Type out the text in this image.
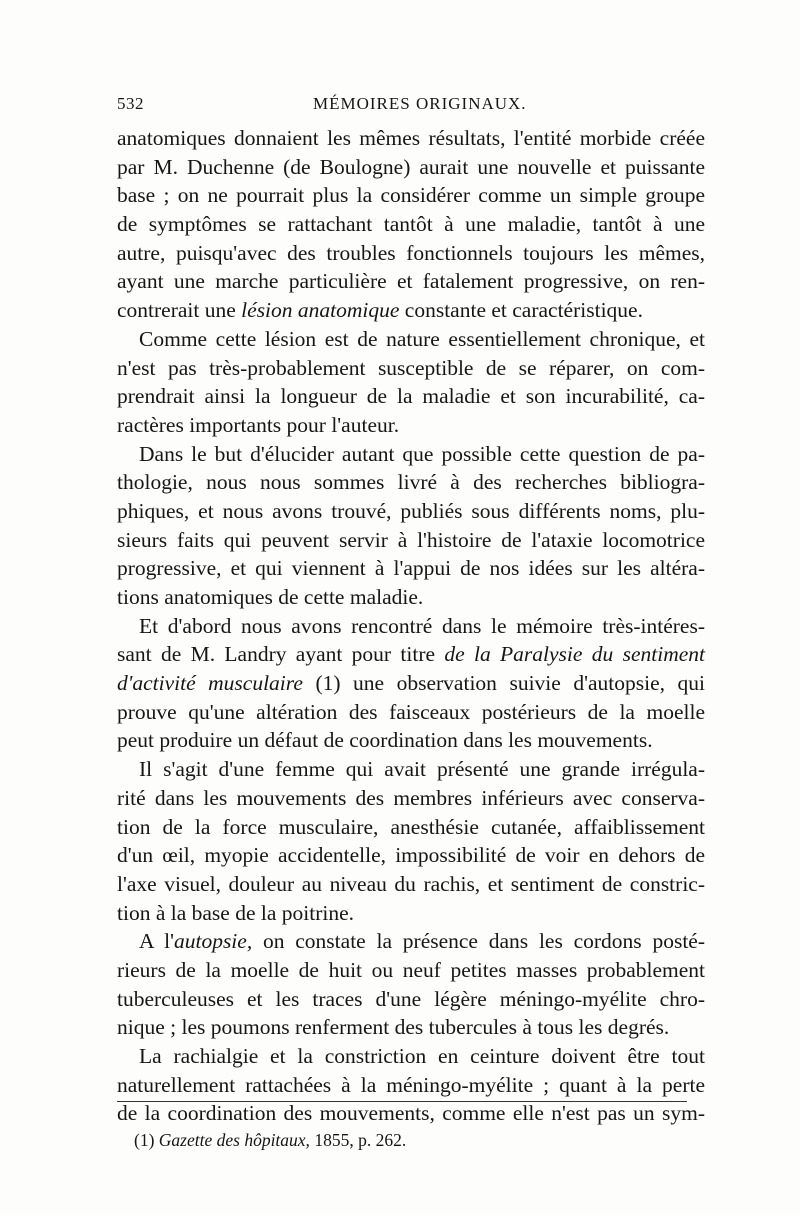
532	MÉMOIRES ORIGINAUX.
anatomiques donnaient les mêmes résultats, l'entité morbide créée
par M. Duchenne (de Boulogne) aurait une nouvelle et puissante
base ; on ne pourrait plus la considérer comme un simple groupe
de symptômes se rattachant tantôt à une maladie, tantôt à une
autre, puisqu'avec des troubles fonctionnels toujours les mêmes,
ayant une marche particulière et fatalement progressive, on ren-
contrerait une lésion anatomique constante et caractéristique.
Comme cette lésion est de nature essentiellement chronique, et
n'est pas très-probablement susceptible de se réparer, on com-
prendrait ainsi la longueur de la maladie et son incurabilité, ca-
ractères importants pour l'auteur.
Dans le but d'élucider autant que possible cette question de pa-
thologie, nous nous sommes livré à des recherches bibliogra-
phiques, et nous avons trouvé, publiés sous différents noms, plu-
sieurs faits qui peuvent servir à l'histoire de l'ataxie locomotrice
progressive, et qui viennent à l'appui de nos idées sur les altéra-
tions anatomiques de cette maladie.
Et d'abord nous avons rencontré dans le mémoire très-intéres-
sant de M. Landry ayant pour titre de la Paralysie du sentiment
d'activité musculaire (1) une observation suivie d'autopsie, qui
prouve qu'une altération des faisceaux postérieurs de la moelle
peut produire un défaut de coordination dans les mouvements.
Il s'agit d'une femme qui avait présenté une grande irrégula-
rité dans les mouvements des membres inférieurs avec conserva-
tion de la force musculaire, anesthésie cutanée, affaiblissement
d'un œil, myopie accidentelle, impossibilité de voir en dehors de
l'axe visuel, douleur au niveau du rachis, et sentiment de constric-
tion à la base de la poitrine.
A l'autopsie, on constate la présence dans les cordons posté-
rieurs de la moelle de huit ou neuf petites masses probablement
tuberculeuses et les traces d'une légère méningo-myélite chro-
nique ; les poumons renferment des tubercules à tous les degrés.
La rachialgie et la constriction en ceinture doivent être tout
naturellement rattachées à la méningo-myélite ; quant à la perte
de la coordination des mouvements, comme elle n'est pas un sym-
(1) Gazette des hôpitaux, 1855, p. 262.
